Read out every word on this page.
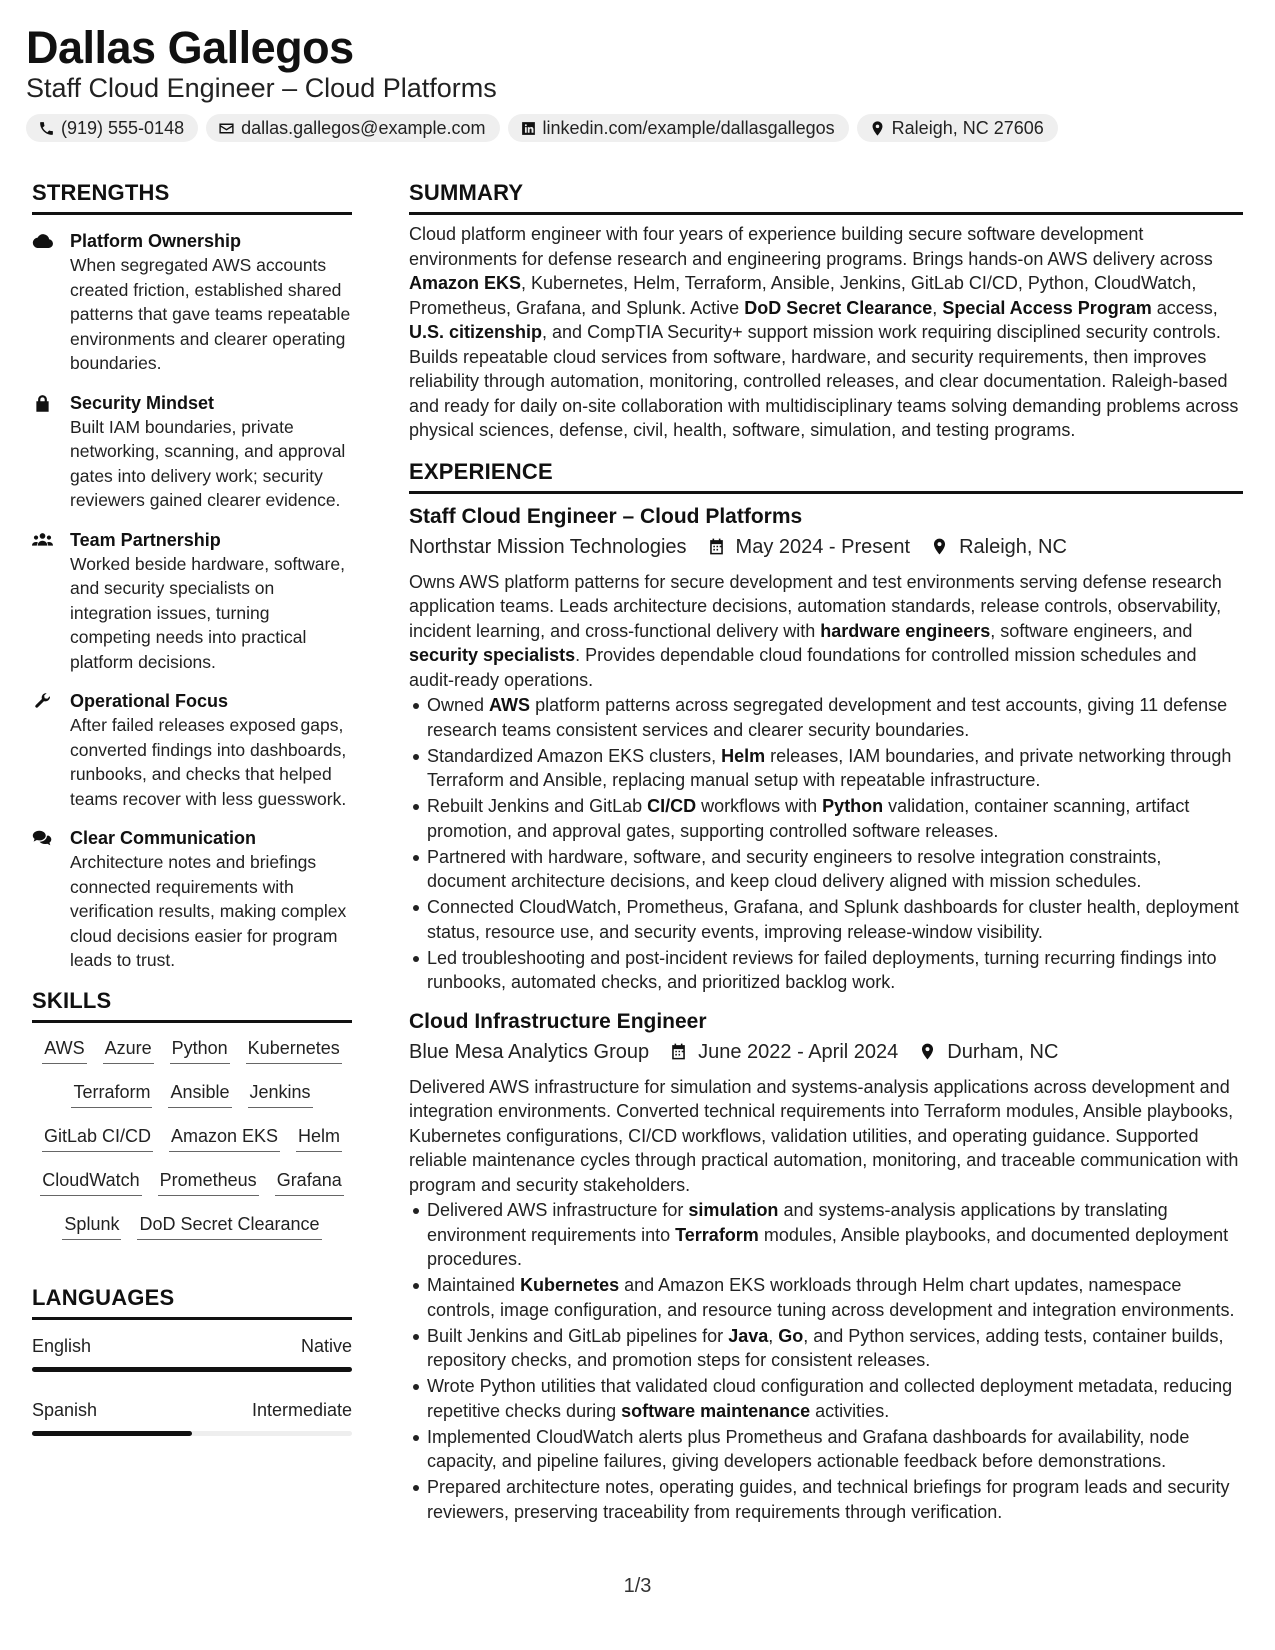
Dallas Gallegos
Staff Cloud Engineer – Cloud Platforms
(919) 555-0148	dallas.gallegos@example.com	linkedin.com/example/dallasgallegos	Raleigh, NC 27606
STRENGTHS
Platform Ownership
When segregated AWS accounts created friction, established shared patterns that gave teams repeatable environments and clearer operating boundaries.
Security Mindset
Built IAM boundaries, private networking, scanning, and approval gates into delivery work; security reviewers gained clearer evidence.
Team Partnership
Worked beside hardware, software, and security specialists on integration issues, turning competing needs into practical platform decisions.
Operational Focus
After failed releases exposed gaps, converted findings into dashboards, runbooks, and checks that helped teams recover with less guesswork.
Clear Communication
Architecture notes and briefings connected requirements with verification results, making complex cloud decisions easier for program leads to trust.
SKILLS
AWS Azure Python Kubernetes
Terraform Ansible Jenkins
GitLab CI/CD Amazon EKS Helm
CloudWatch Prometheus Grafana
Splunk DoD Secret Clearance
LANGUAGES
English	Native
Spanish	Intermediate
SUMMARY
Cloud platform engineer with four years of experience building secure software development environments for defense research and engineering programs. Brings hands-on AWS delivery across Amazon EKS, Kubernetes, Helm, Terraform, Ansible, Jenkins, GitLab CI/CD, Python, CloudWatch, Prometheus, Grafana, and Splunk. Active DoD Secret Clearance, Special Access Program access, U.S. citizenship, and CompTIA Security+ support mission work requiring disciplined security controls. Builds repeatable cloud services from software, hardware, and security requirements, then improves reliability through automation, monitoring, controlled releases, and clear documentation. Raleigh-based and ready for daily on-site collaboration with multidisciplinary teams solving demanding problems across physical sciences, defense, civil, health, software, simulation, and testing programs.
EXPERIENCE
Staff Cloud Engineer – Cloud Platforms
Northstar Mission Technologies May 2024 - Present Raleigh, NC
Owns AWS platform patterns for secure development and test environments serving defense research application teams. Leads architecture decisions, automation standards, release controls, observability, incident learning, and cross-functional delivery with hardware engineers, software engineers, and security specialists. Provides dependable cloud foundations for controlled mission schedules and audit-ready operations.
Owned AWS platform patterns across segregated development and test accounts, giving 11 defense research teams consistent services and clearer security boundaries.
Standardized Amazon EKS clusters, Helm releases, IAM boundaries, and private networking through Terraform and Ansible, replacing manual setup with repeatable infrastructure.
Rebuilt Jenkins and GitLab CI/CD workflows with Python validation, container scanning, artifact promotion, and approval gates, supporting controlled software releases.
Partnered with hardware, software, and security engineers to resolve integration constraints, document architecture decisions, and keep cloud delivery aligned with mission schedules.
Connected CloudWatch, Prometheus, Grafana, and Splunk dashboards for cluster health, deployment status, resource use, and security events, improving release-window visibility.
Led troubleshooting and post-incident reviews for failed deployments, turning recurring findings into runbooks, automated checks, and prioritized backlog work.
Cloud Infrastructure Engineer
Blue Mesa Analytics Group June 2022 - April 2024 Durham, NC
Delivered AWS infrastructure for simulation and systems-analysis applications across development and integration environments. Converted technical requirements into Terraform modules, Ansible playbooks, Kubernetes configurations, CI/CD workflows, validation utilities, and operating guidance. Supported reliable maintenance cycles through practical automation, monitoring, and traceable communication with program and security stakeholders.
Delivered AWS infrastructure for simulation and systems-analysis applications by translating environment requirements into Terraform modules, Ansible playbooks, and documented deployment procedures.
Maintained Kubernetes and Amazon EKS workloads through Helm chart updates, namespace controls, image configuration, and resource tuning across development and integration environments.
Built Jenkins and GitLab pipelines for Java, Go, and Python services, adding tests, container builds, repository checks, and promotion steps for consistent releases.
Wrote Python utilities that validated cloud configuration and collected deployment metadata, reducing repetitive checks during software maintenance activities.
Implemented CloudWatch alerts plus Prometheus and Grafana dashboards for availability, node capacity, and pipeline failures, giving developers actionable feedback before demonstrations.
Prepared architecture notes, operating guides, and technical briefings for program leads and security reviewers, preserving traceability from requirements through verification.
1/3
